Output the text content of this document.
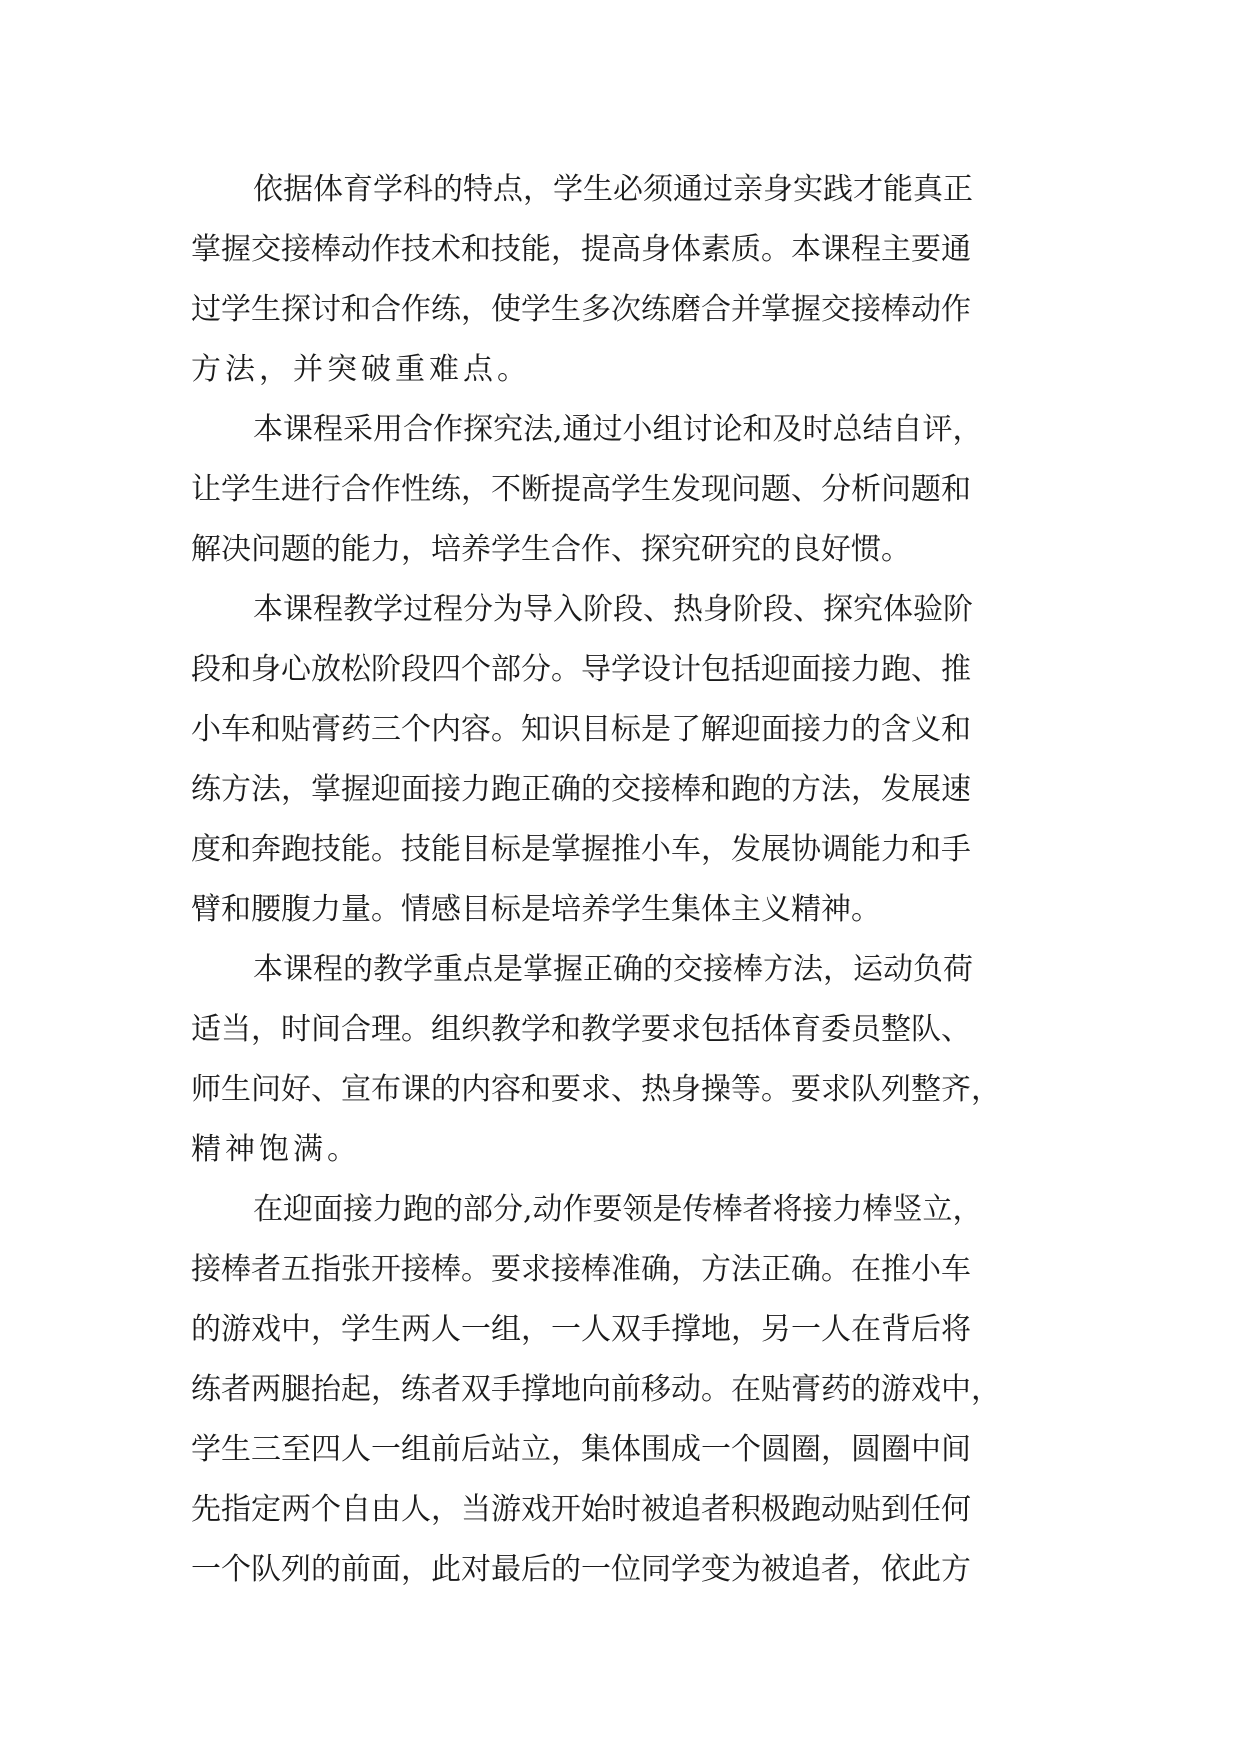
依据体育学科的特点，学生必须通过亲身实践才能真正
掌握交接棒动作技术和技能，提高身体素质。本课程主要通
过学生探讨和合作练，使学生多次练磨合并掌握交接棒动作
方法，并突破重难点。
本课程采用合作探究法,通过小组讨论和及时总结自评，
让学生进行合作性练，不断提高学生发现问题、分析问题和
解决问题的能力，培养学生合作、探究研究的良好惯。
本课程教学过程分为导入阶段、热身阶段、探究体验阶
段和身心放松阶段四个部分。导学设计包括迎面接力跑、推
小车和贴膏药三个内容。知识目标是了解迎面接力的含义和
练方法，掌握迎面接力跑正确的交接棒和跑的方法，发展速
度和奔跑技能。技能目标是掌握推小车，发展协调能力和手
臂和腰腹力量。情感目标是培养学生集体主义精神。
本课程的教学重点是掌握正确的交接棒方法，运动负荷
适当，时间合理。组织教学和教学要求包括体育委员整队、
师生问好、宣布课的内容和要求、热身操等。要求队列整齐，
精神饱满。
在迎面接力跑的部分,动作要领是传棒者将接力棒竖立，
接棒者五指张开接棒。要求接棒准确，方法正确。在推小车
的游戏中，学生两人一组，一人双手撑地，另一人在背后将
练者两腿抬起，练者双手撑地向前移动。在贴膏药的游戏中，
学生三至四人一组前后站立，集体围成一个圆圈，圆圈中间
先指定两个自由人，当游戏开始时被追者积极跑动贴到任何
一个队列的前面，此对最后的一位同学变为被追者，依此方
